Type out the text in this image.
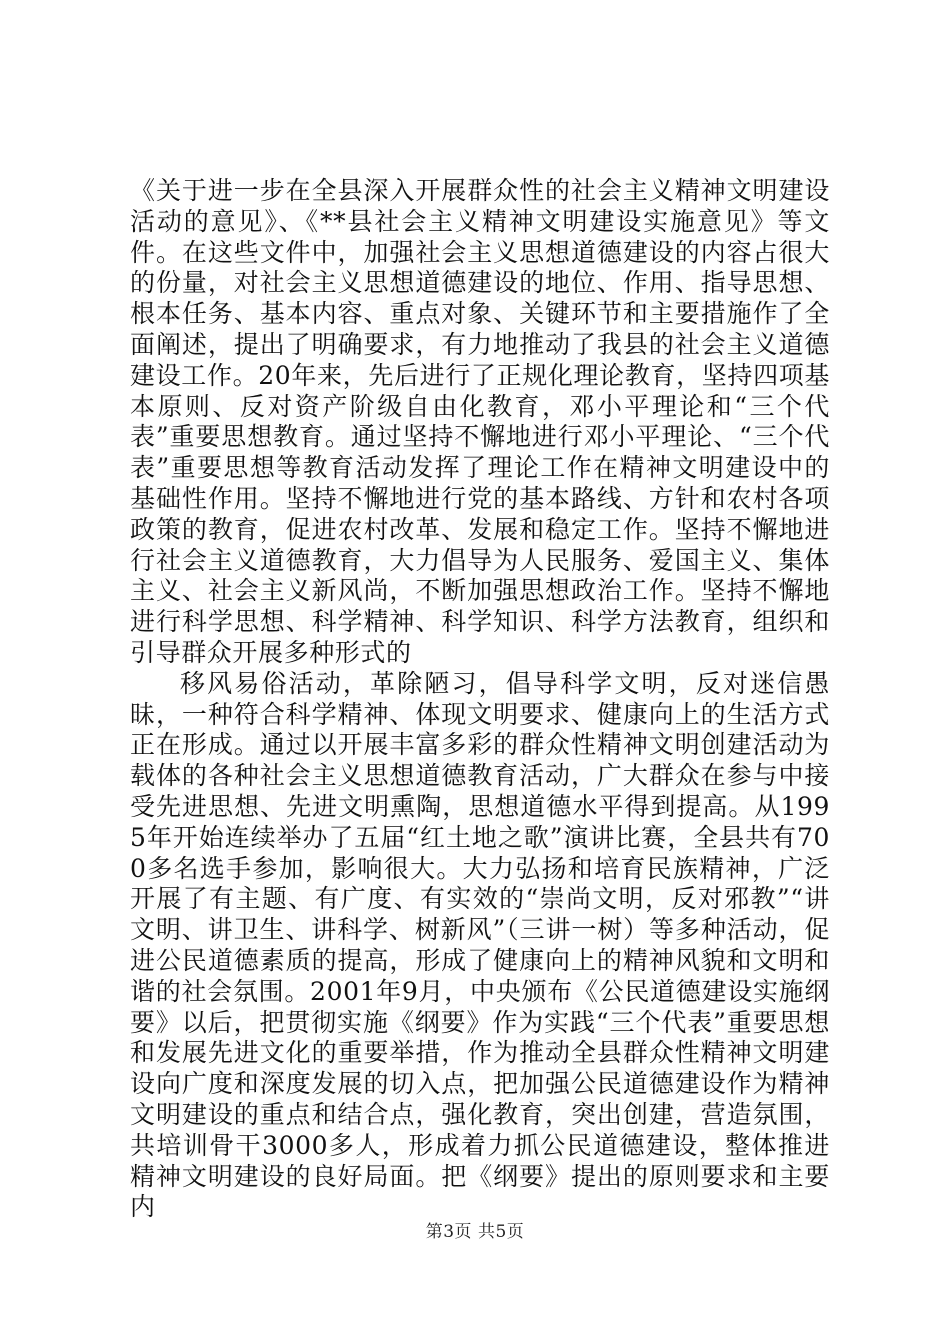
《关于进一步在全县深入开展群众性的社会主义精神文明建设活动的意见》、《**县社会主义精神文明建设实施意见》等文件。在这些文件中，加强社会主义思想道德建设的内容占很大的份量，对社会主义思想道德建设的地位、作用、指导思想、根本任务、基本内容、重点对象、关键环节和主要措施作了全面阐述，提出了明确要求，有力地推动了我县的社会主义道德建设工作。20年来，先后进行了正规化理论教育，坚持四项基本原则、反对资产阶级自由化教育，邓小平理论和“三个代表”重要思想教育。通过坚持不懈地进行邓小平理论、“三个代表”重要思想等教育活动发挥了理论工作在精神文明建设中的基础性作用。坚持不懈地进行党的基本路线、方针和农村各项政策的教育，促进农村改革、发展和稳定工作。坚持不懈地进行社会主义道德教育，大力倡导为人民服务、爱国主义、集体主义、社会主义新风尚，不断加强思想政治工作。坚持不懈地进行科学思想、科学精神、科学知识、科学方法教育，组织和引导群众开展多种形式的

移风易俗活动，革除陋习，倡导科学文明，反对迷信愚昧，一种符合科学精神、体现文明要求、健康向上的生活方式正在形成。通过以开展丰富多彩的群众性精神文明创建活动为载体的各种社会主义思想道德教育活动，广大群众在参与中接受先进思想、先进文明熏陶，思想道德水平得到提高。从1995年开始连续举办了五届“红土地之歌”演讲比赛，全县共有700多名选手参加，影响很大。大力弘扬和培育民族精神，广泛开展了有主题、有广度、有实效的“崇尚文明，反对邪教”“讲文明、讲卫生、讲科学、树新风”（三讲一树）等多种活动，促进公民道德素质的提高，形成了健康向上的精神风貌和文明和谐的社会氛围。2001年9月，中央颁布《公民道德建设实施纲要》以后，把贯彻实施《纲要》作为实践“三个代表”重要思想和发展先进文化的重要举措，作为推动全县群众性精神文明建设向广度和深度发展的切入点，把加强公民道德建设作为精神文明建设的重点和结合点，强化教育，突出创建，营造氛围，共培训骨干3000多人，形成着力抓公民道德建设，整体推进精神文明建设的良好局面。把《纲要》提出的原则要求和主要内

第3页 共5页
